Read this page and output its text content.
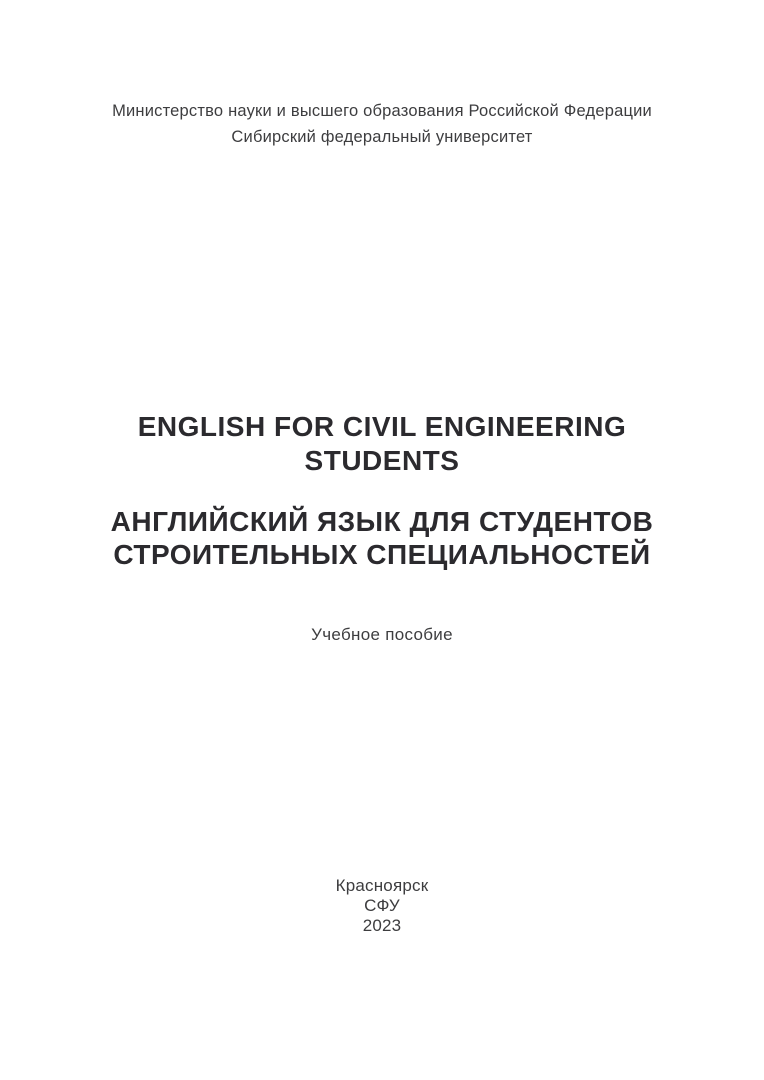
Министерство науки и высшего образования Российской Федерации
Сибирский федеральный университет
ENGLISH FOR CIVIL ENGINEERING
STUDENTS
АНГЛИЙСКИЙ ЯЗЫК ДЛЯ СТУДЕНТОВ
СТРОИТЕЛЬНЫХ СПЕЦИАЛЬНОСТЕЙ
Учебное пособие
Красноярск
СФУ
2023
